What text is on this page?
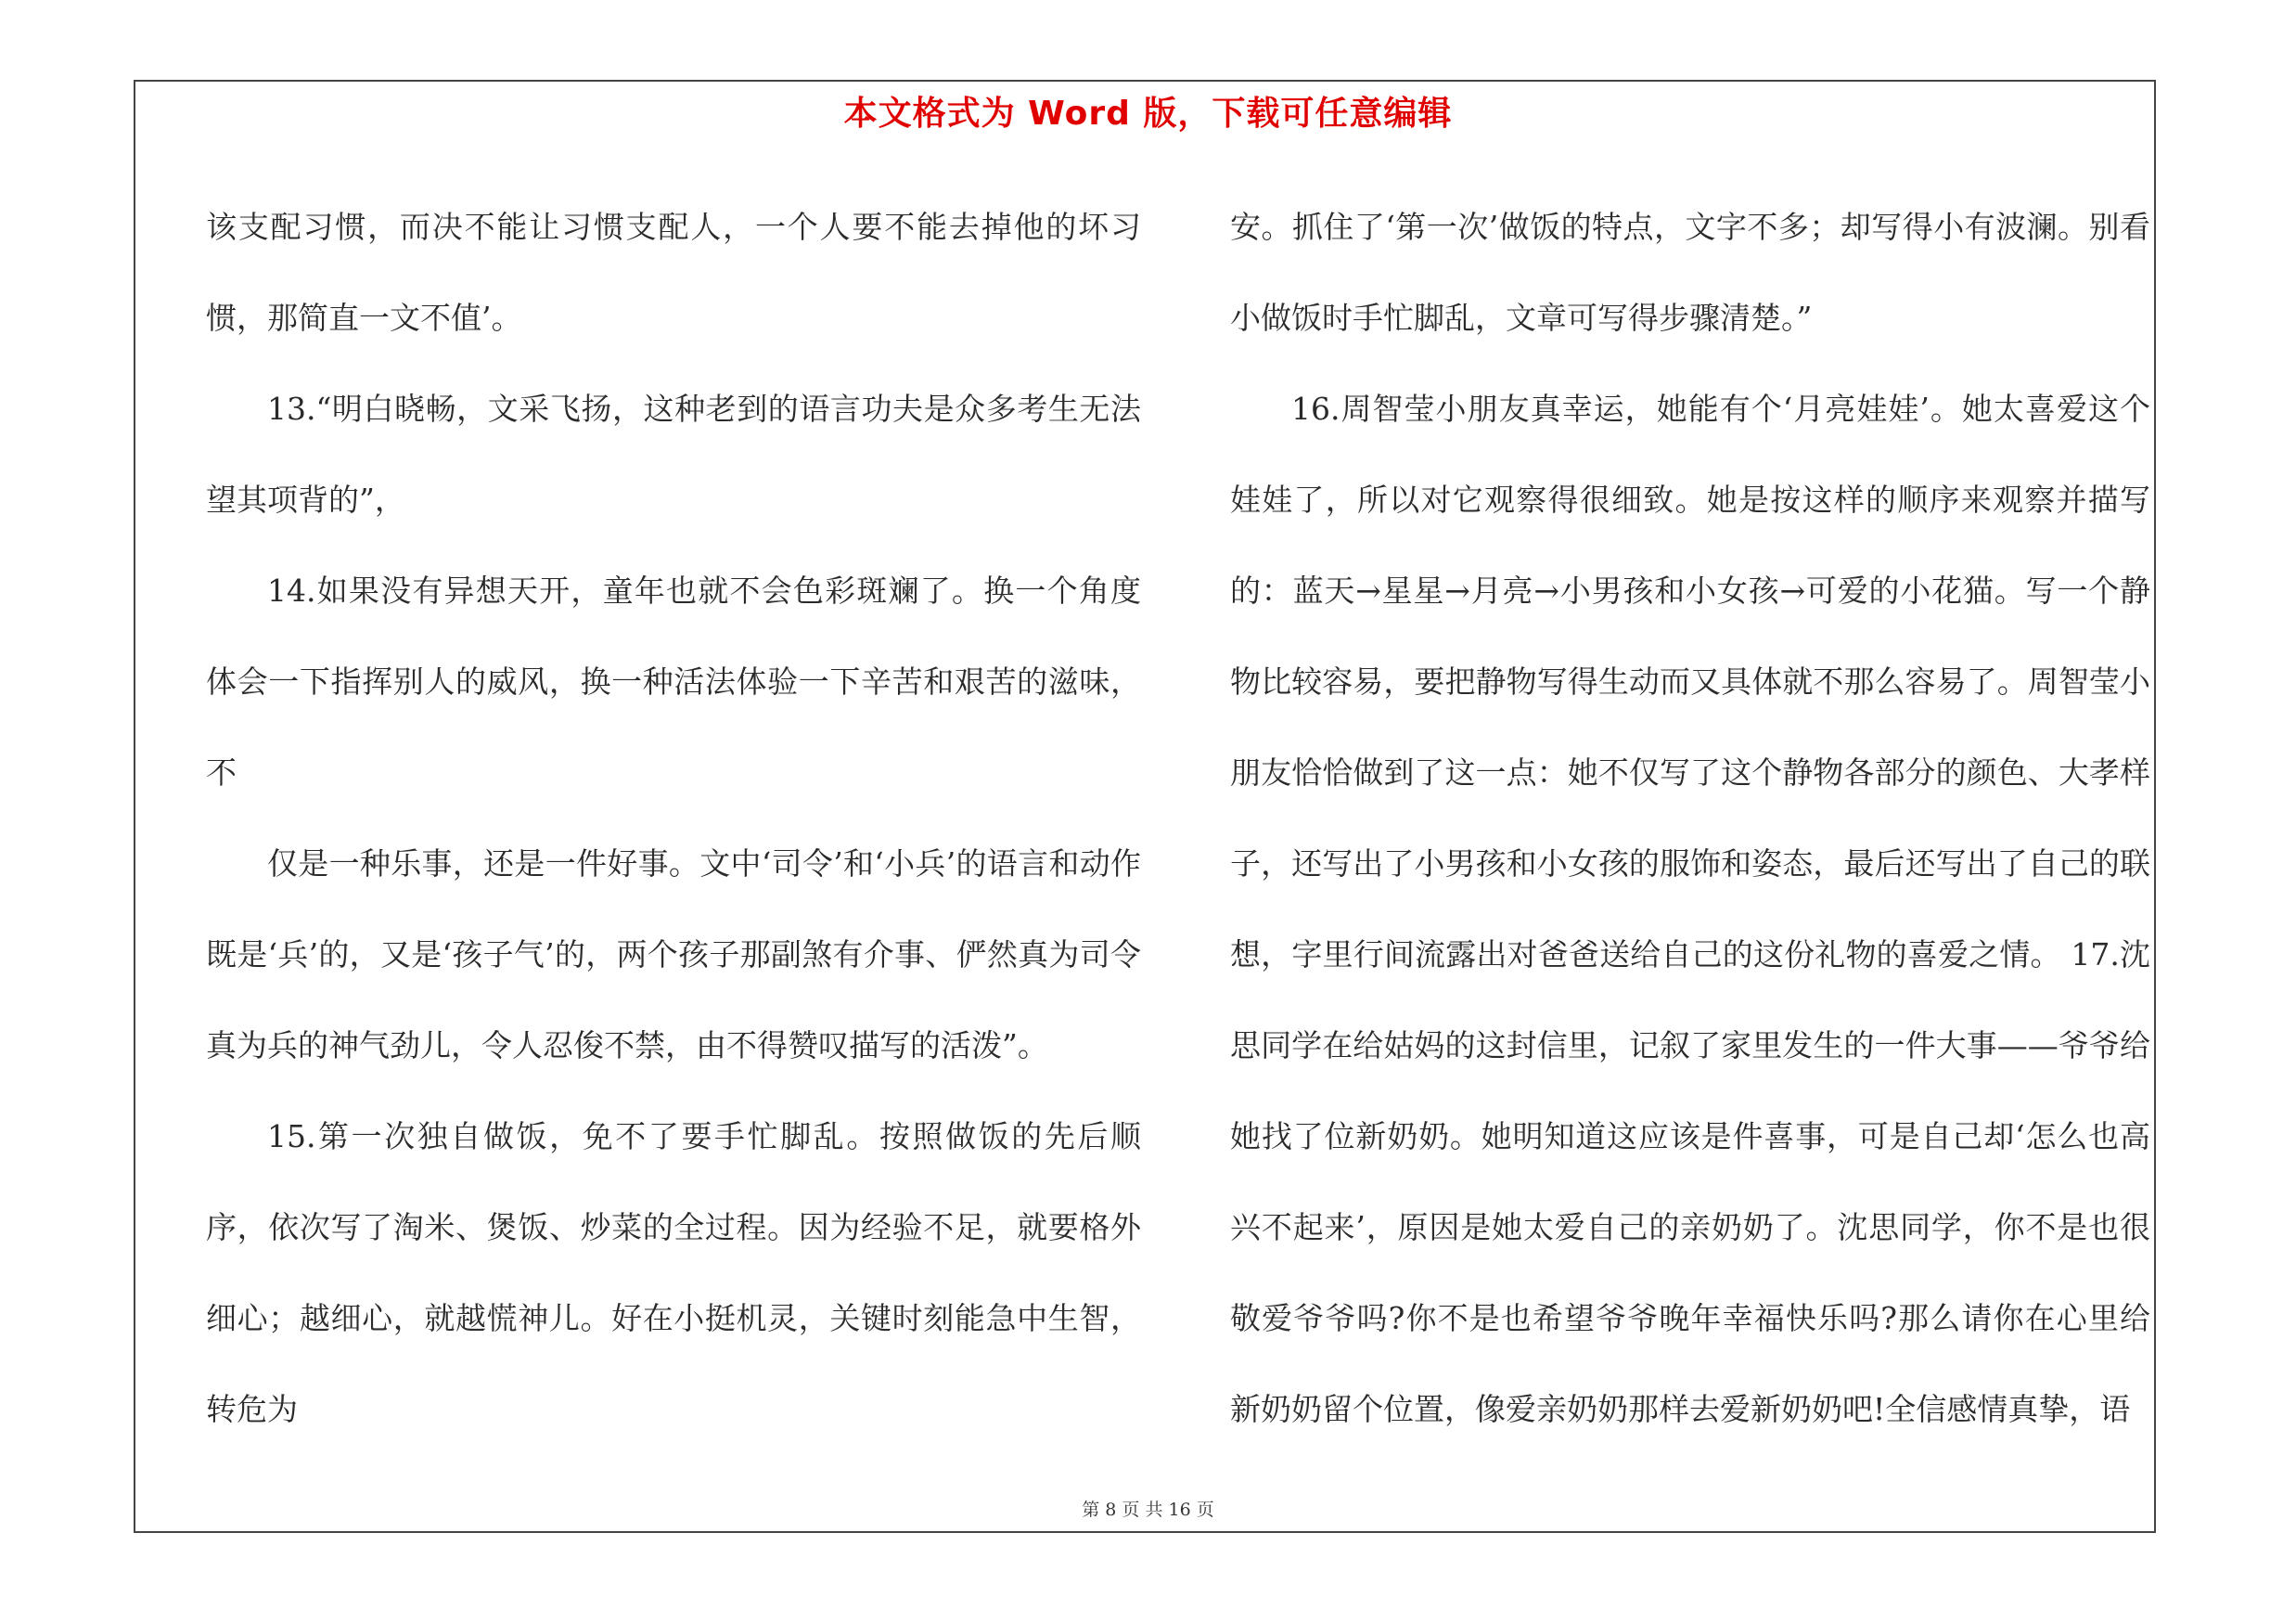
本文格式为 Word 版，下载可任意编辑

该支配习惯，而决不能让习惯支配人，一个人要不能去掉他的坏习惯，那简直一文不值’。

13.“明白晓畅，文采飞扬，这种老到的语言功夫是众多考生无法望其项背的”，

14.如果没有异想天开，童年也就不会色彩斑斓了。换一个角度体会一下指挥别人的威风，换一种活法体验一下辛苦和艰苦的滋味，不

仅是一种乐事，还是一件好事。文中‘司令’和‘小兵’的语言和动作既是‘兵’的，又是‘孩子气’的，两个孩子那副煞有介事、俨然真为司令真为兵的神气劲儿，令人忍俊不禁，由不得赞叹描写的活泼”。

15.第一次独自做饭，免不了要手忙脚乱。按照做饭的先后顺序，依次写了淘米、煲饭、炒菜的全过程。因为经验不足，就要格外细心；越细心，就越慌神儿。好在小挺机灵，关键时刻能急中生智，转危为

安。抓住了‘第一次’做饭的特点，文字不多；却写得小有波澜。别看小做饭时手忙脚乱，文章可写得步骤清楚。”

16.周智莹小朋友真幸运，她能有个‘月亮娃娃’。她太喜爱这个娃娃了，所以对它观察得很细致。她是按这样的顺序来观察并描写的：蓝天→星星→月亮→小男孩和小女孩→可爱的小花猫。写一个静物比较容易，要把静物写得生动而又具体就不那么容易了。周智莹小朋友恰恰做到了这一点：她不仅写了这个静物各部分的颜色、大孝样子，还写出了小男孩和小女孩的服饰和姿态，最后还写出了自己的联想，字里行间流露出对爸爸送给自己的这份礼物的喜爱之情。 17.沈思同学在给姑妈的这封信里，记叙了家里发生的一件大事——爷爷给她找了位新奶奶。她明知道这应该是件喜事，可是自己却‘怎么也高兴不起来’，原因是她太爱自己的亲奶奶了。沈思同学，你不是也很敬爱爷爷吗?你不是也希望爷爷晚年幸福快乐吗?那么请你在心里给新奶奶留个位置，像爱亲奶奶那样去爱新奶奶吧!全信感情真挚，语

第 8 页 共 16 页
